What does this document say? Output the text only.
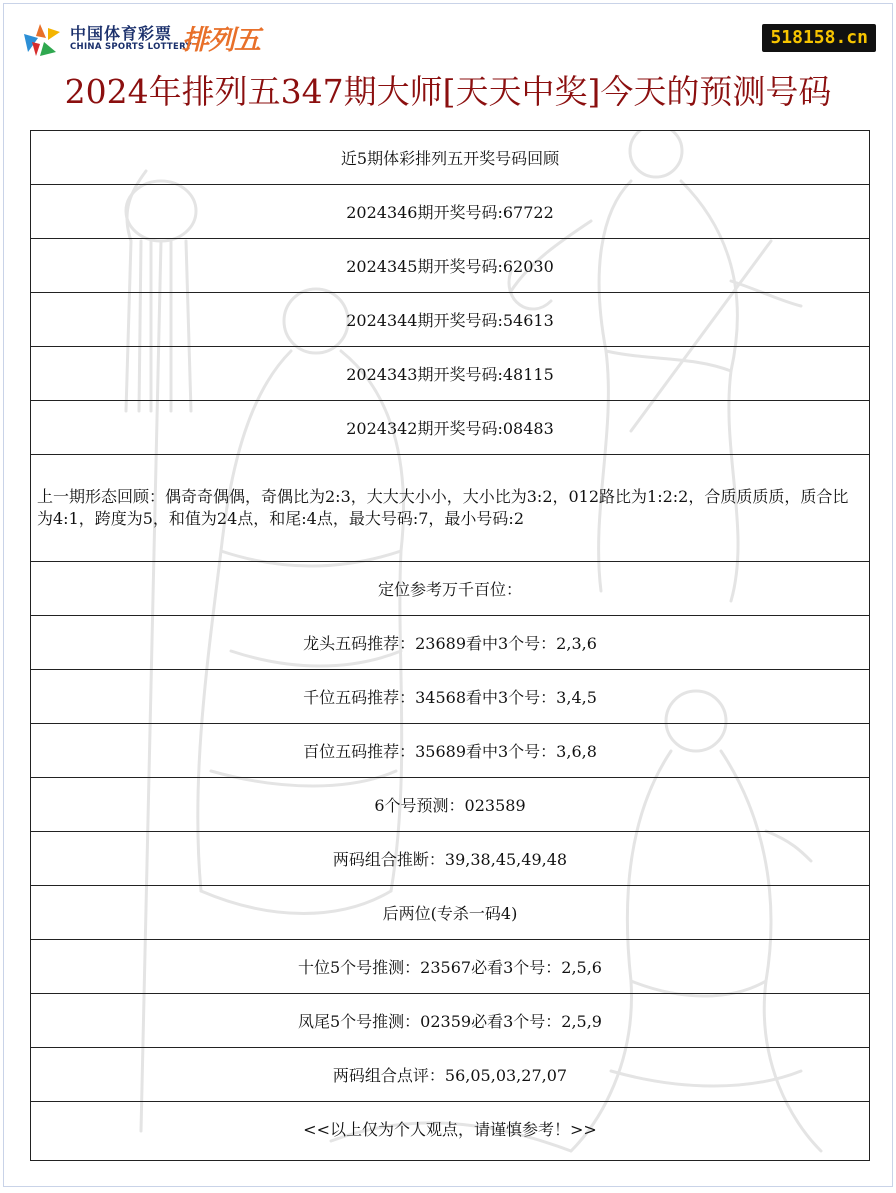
中国体育彩票
CHINA SPORTS LOTTERY
排列五	518158.cn
2024年排列五347期大师[天天中奖]今天的预测号码
近5期体彩排列五开奖号码回顾
2024346期开奖号码:67722
2024345期开奖号码:62030
2024344期开奖号码:54613
2024343期开奖号码:48115
2024342期开奖号码:08483
上一期形态回顾：偶奇奇偶偶，奇偶比为2:3，大大大小小，大小比为3:2，012路比为1:2:2，合质质质质，质合比为4:1，跨度为5，和值为24点，和尾:4点，最大号码:7，最小号码:2
定位参考万千百位：
龙头五码推荐：23689看中3个号：2,3,6
千位五码推荐：34568看中3个号：3,4,5
百位五码推荐：35689看中3个号：3,6,8
6个号预测：023589
两码组合推断：39,38,45,49,48
后两位(专杀一码4)
十位5个号推测：23567必看3个号：2,5,6
凤尾5个号推测：02359必看3个号：2,5,9
两码组合点评：56,05,03,27,07
<<以上仅为个人观点，请谨慎参考！>>
